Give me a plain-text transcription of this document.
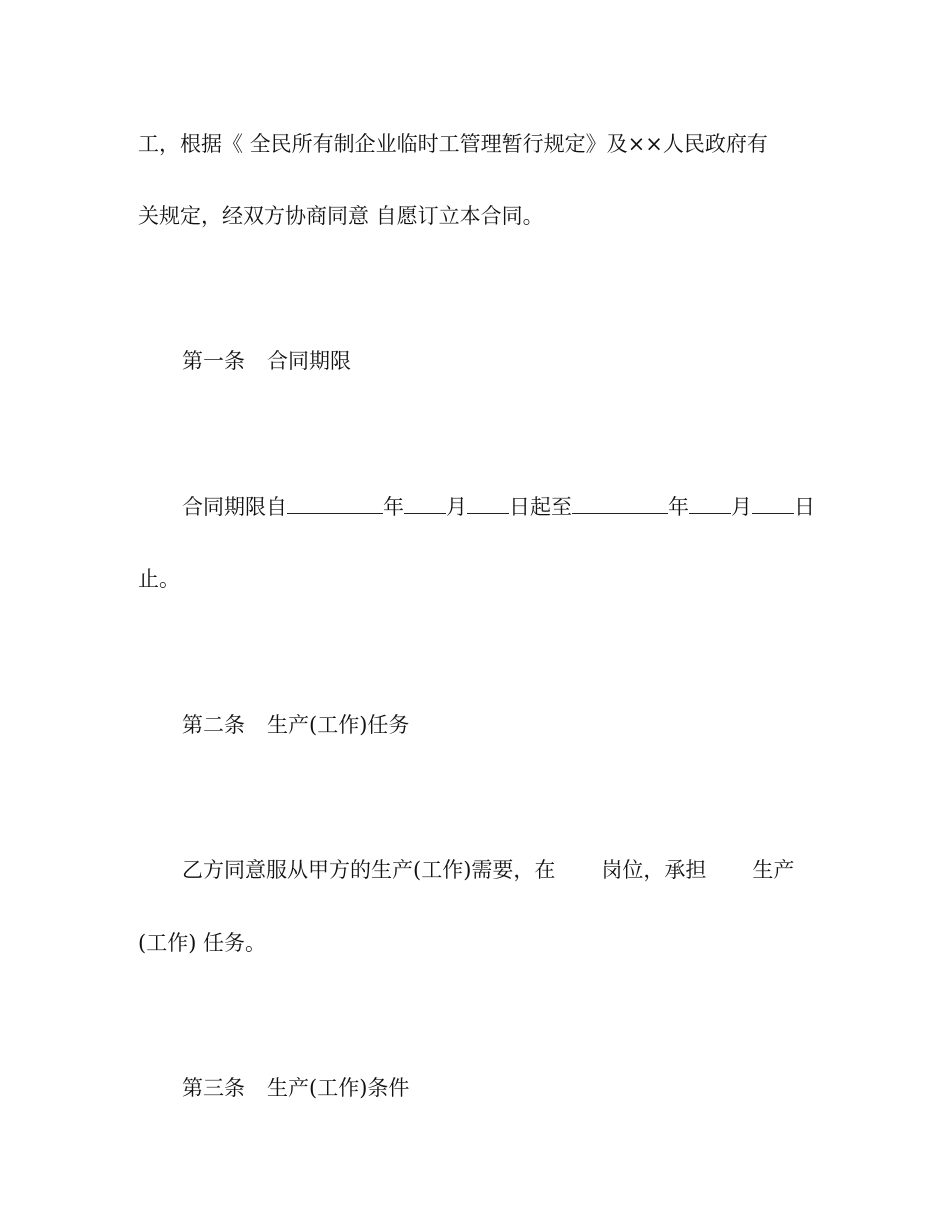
工，根据《 全民所有制企业临时工管理暂行规定》及××人民政府有
关规定，经双方协商同意 自愿订立本合同。
第一条 合同期限
合同期限自	年 月 日起至	年 月 日
止。
第二条 生产(工作)任务
乙方同意服从甲方的生产(工作)需要，在 岗位，承担 生产
(工作) 任务。
第三条 生产(工作)条件
